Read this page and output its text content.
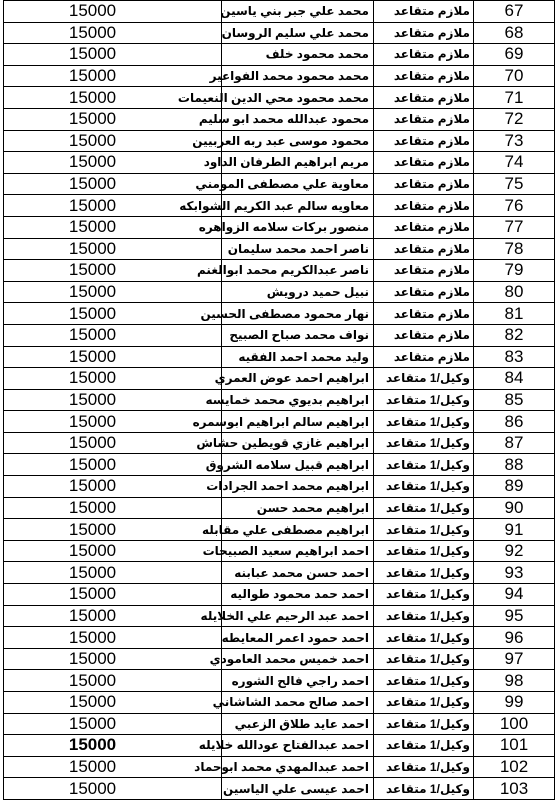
15000	محمد علي جبر بني ياسين	ملازم متقاعد	67
15000	محمد علي سليم الروسان	ملازم متقاعد	68
15000	محمد محمود خلف	ملازم متقاعد	69
15000	محمد محمود محمد الفواعير	ملازم متقاعد	70
15000	محمد محمود محي الدين النعيمات	ملازم متقاعد	71
15000	محمود عبدالله محمد ابو سليم	ملازم متقاعد	72
15000	محمود موسى عبد ربه العربيين	ملازم متقاعد	73
15000	مريم ابراهيم الطرفان الداود	ملازم متقاعد	74
15000	معاوية علي مصطفى المومني	ملازم متقاعد	75
15000	معاويه سالم عبد الكريم الشوابكه	ملازم متقاعد	76
15000	منصور بركات سلامه الزواهره	ملازم متقاعد	77
15000	ناصر احمد محمد سليمان	ملازم متقاعد	78
15000	ناصر عبدالكريم محمد ابوالغنم	ملازم متقاعد	79
15000	نبيل حميد درويش	ملازم متقاعد	80
15000	نهار محمود مصطفى الحسين	ملازم متقاعد	81
15000	نواف محمد صباح الصبيح	ملازم متقاعد	82
15000	وليد محمد احمد الفقيه	ملازم متقاعد	83
15000	ابراهيم احمد عوض العمري	وكيل/1 متقاعد	84
15000	ابراهيم بديوي محمد خمايسه	وكيل/1 متقاعد	85
15000	ابراهيم سالم ابراهيم ابوسمره	وكيل/1 متقاعد	86
15000	ابراهيم غازي قويطين حشاش	وكيل/1 متقاعد	87
15000	ابراهيم قبيل سلامه الشروق	وكيل/1 متقاعد	88
15000	ابراهيم محمد احمد الجرادات	وكيل/1 متقاعد	89
15000	ابراهيم محمد حسن	وكيل/1 متقاعد	90
15000	ابراهيم مصطفى علي مقابله	وكيل/1 متقاعد	91
15000	احمد ابراهيم سعيد الصبيحات	وكيل/1 متقاعد	92
15000	احمد حسن محمد عبابنه	وكيل/1 متقاعد	93
15000	احمد حمد محمود طواليه	وكيل/1 متقاعد	94
15000	احمد عبد الرحيم علي الخلايله	وكيل/1 متقاعد	95
15000	احمد حمود اعمر المعايطه	وكيل/1 متقاعد	96
15000	احمد خميس محمد العامودي	وكيل/1 متقاعد	97
15000	احمد راجي فالح الشوره	وكيل/1 متقاعد	98
15000	احمد صالح محمد الشاشاني	وكيل/1 متقاعد	99
15000	احمد عايد طلاق الزعبي	وكيل/1 متقاعد	100
15000	احمد عبدالفتاح عودالله خلايله	وكيل/1 متقاعد	101
15000	احمد عبدالمهدي محمد ابوحماد	وكيل/1 متقاعد	102
15000	احمد عيسى علي الياسين	وكيل/1 متقاعد	103
